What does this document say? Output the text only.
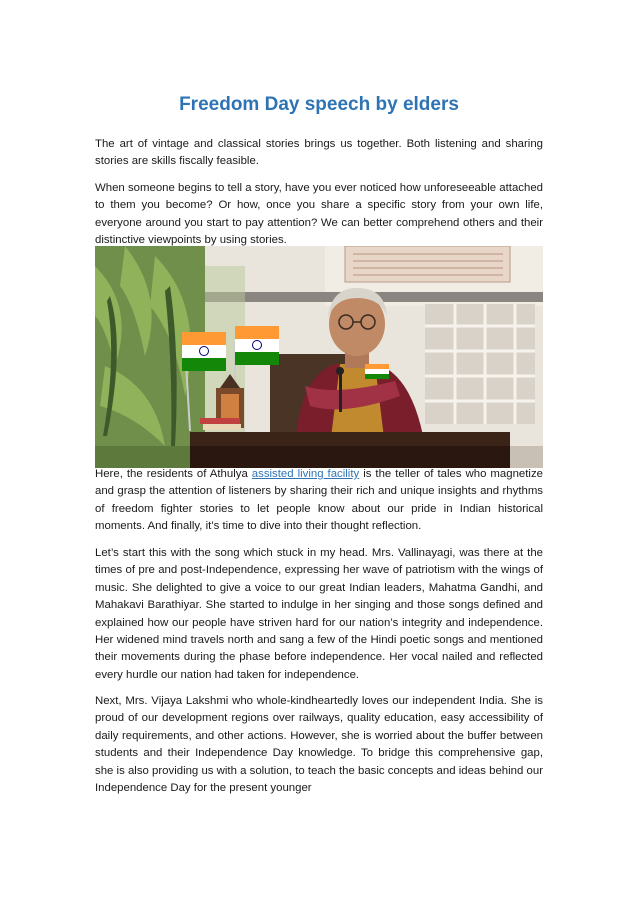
Freedom Day speech by elders

The art of vintage and classical stories brings us together. Both listening and sharing stories are skills fiscally feasible.

When someone begins to tell a story, have you ever noticed how unforeseeable attached to them you become? Or how, once you share a specific story from your own life, everyone around you start to pay attention? We can better comprehend others and their distinctive viewpoints by using stories.

Here, the residents of Athulya assisted living facility is the teller of tales who magnetize and grasp the attention of listeners by sharing their rich and unique insights and rhythms of freedom fighter stories to let people know about our pride in Indian historical moments. And finally, it’s time to dive into their thought reflection.

Let’s start this with the song which stuck in my head. Mrs. Vallinayagi, was there at the times of pre and post-Independence, expressing her wave of patriotism with the wings of music. She delighted to give a voice to our great Indian leaders, Mahatma Gandhi, and Mahakavi Barathiyar. She started to indulge in her singing and those songs defined and explained how our people have striven hard for our nation’s integrity and independence. Her widened mind travels north and sang a few of the Hindi poetic songs and mentioned their movements during the phase before independence. Her vocal nailed and reflected every hurdle our nation had taken for independence.

Next, Mrs. Vijaya Lakshmi who whole-kindheartedly loves our independent India. She is proud of our development regions over railways, quality education, easy accessibility of daily requirements, and other actions. However, she is worried about the buffer between students and their Independence Day knowledge. To bridge this comprehensive gap, she is also providing us with a solution, to teach the basic concepts and ideas behind our Independence Day for the present younger
